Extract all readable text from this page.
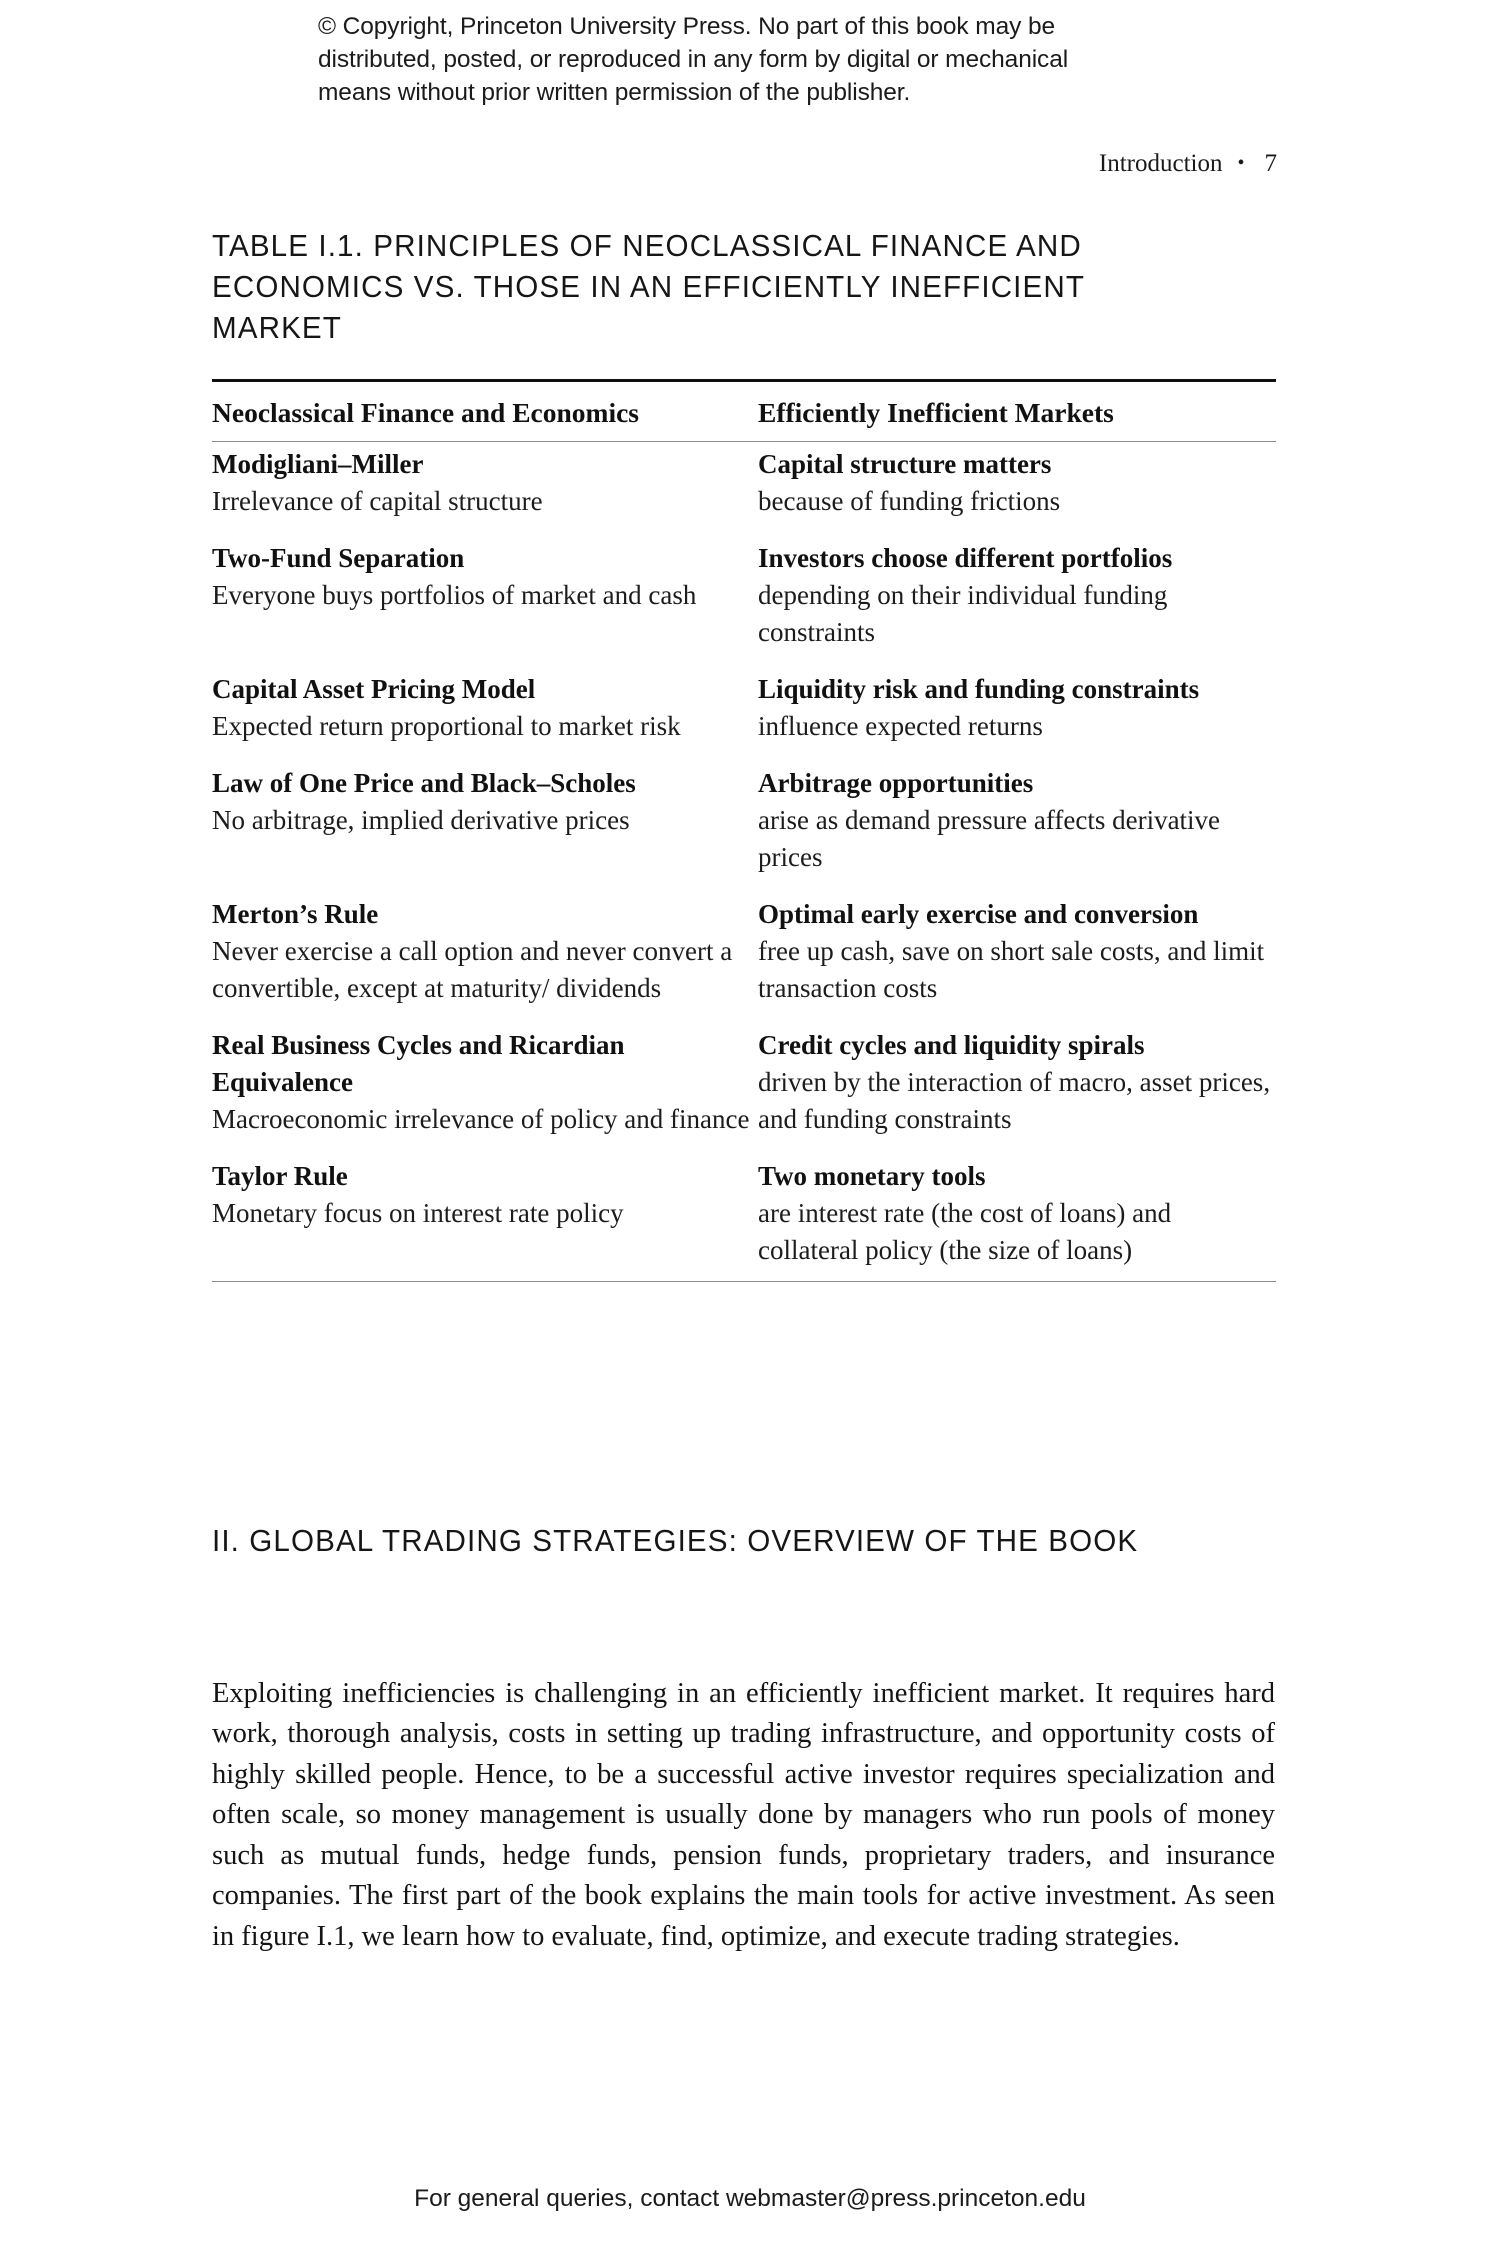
© Copyright, Princeton University Press. No part of this book may be
distributed, posted, or reproduced in any form by digital or mechanical
means without prior written permission of the publisher.
Introduction • 7
TABLE I.1. PRINCIPLES OF NEOCLASSICAL FINANCE AND ECONOMICS VS. THOSE IN AN EFFICIENTLY INEFFICIENT MARKET
Neoclassical Finance and Economics	Efficiently Inefficient Markets
Modigliani–Miller
Irrelevance of capital structure
Capital structure matters
because of funding frictions
Two-Fund Separation
Everyone buys portfolios of market and cash
Investors choose different portfolios
depending on their individual funding constraints
Capital Asset Pricing Model
Expected return proportional to market risk
Liquidity risk and funding constraints
influence expected returns
Law of One Price and Black–Scholes
No arbitrage, implied derivative prices
Arbitrage opportunities
arise as demand pressure affects derivative prices
Merton’s Rule
Never exercise a call option and never convert a convertible, except at maturity/ dividends
Optimal early exercise and conversion
free up cash, save on short sale costs, and limit transaction costs
Real Business Cycles and Ricardian Equivalence
Macroeconomic irrelevance of policy and finance
Credit cycles and liquidity spirals
driven by the interaction of macro, asset prices, and funding constraints
Taylor Rule
Monetary focus on interest rate policy
Two monetary tools
are interest rate (the cost of loans) and collateral policy (the size of loans)
II. GLOBAL TRADING STRATEGIES: OVERVIEW OF THE BOOK

Exploiting inefficiencies is challenging in an efficiently inefficient market. It requires hard work, thorough analysis, costs in setting up trading infrastructure, and opportunity costs of highly skilled people. Hence, to be a successful active investor requires specialization and often scale, so money management is usually done by managers who run pools of money such as mutual funds, hedge funds, pension funds, proprietary traders, and insurance companies. The first part of the book explains the main tools for active investment. As seen in figure I.1, we learn how to evaluate, find, optimize, and execute trading strategies.

For general queries, contact webmaster@press.princeton.edu
